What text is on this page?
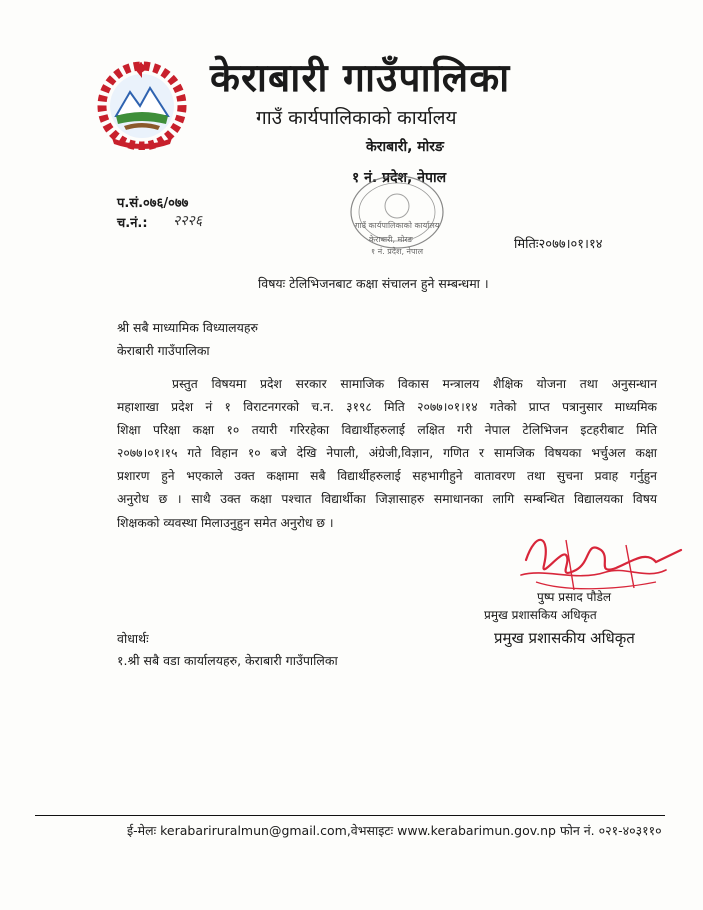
केराबारी गाउँपालिका
गाउँ कार्यपालिकाको कार्यालय
केराबारी, मोरङ
१ नं. प्रदेश, नेपाल
प.सं.०७६/०७७
च.नं.: २२२६	गाउँ कार्यपालिकाको कार्यालय
केराबारी, मोरङ
१ नं. प्रदेश, नेपाल	मितिः२०७७।०१।१४
विषयः टेलिभिजनबाट कक्षा संचालन हुने सम्बन्धमा ।
श्री सबै माध्यामिक विध्यालयहरु
केराबारी गाउँपालिका
प्रस्तुत विषयमा प्रदेश सरकार सामाजिक विकास मन्त्रालय शैक्षिक योजना तथा अनुसन्धान
महाशाखा प्रदेश नं १ विराटनगरको च.न. ३१९८ मिति २०७७।०१।१४ गतेको प्राप्त पत्रानुसार माध्यमिक
शिक्षा परिक्षा कक्षा १० तयारी गरिरहेका विद्यार्थीहरुलाई लक्षित गरी नेपाल टेलिभिजन इटहरीबाट मिति
२०७७।०१।१५ गते विहान १० बजे देखि नेपाली, अंग्रेजी,विज्ञान, गणित र सामजिक विषयका भर्चुअल कक्षा
प्रशारण हुने भएकाले उक्त कक्षामा सबै विद्यार्थीहरुलाई सहभागीहुने वातावरण तथा सुचना प्रवाह गर्नुहुन
अनुरोध छ । साथै उक्त कक्षा पश्चात विद्यार्थीका जिज्ञासाहरु समाधानका लागि सम्बन्धित विद्यालयका विषय
शिक्षकको व्यवस्था मिलाउनुहुन समेत अनुरोध छ ।
पुष्प प्रसाद पौडेल
प्रमुख प्रशासकिय अधिकृत
प्रमुख प्रशासकीय अधिकृत
वोधार्थः
१.श्री सबै वडा कार्यालयहरु, केराबारी गाउँपालिका
ई-मेलः kerabariruralmun@gmail.com,वेभसाइटः www.kerabarimun.gov.np फोन नं. ०२१-४०३११०
